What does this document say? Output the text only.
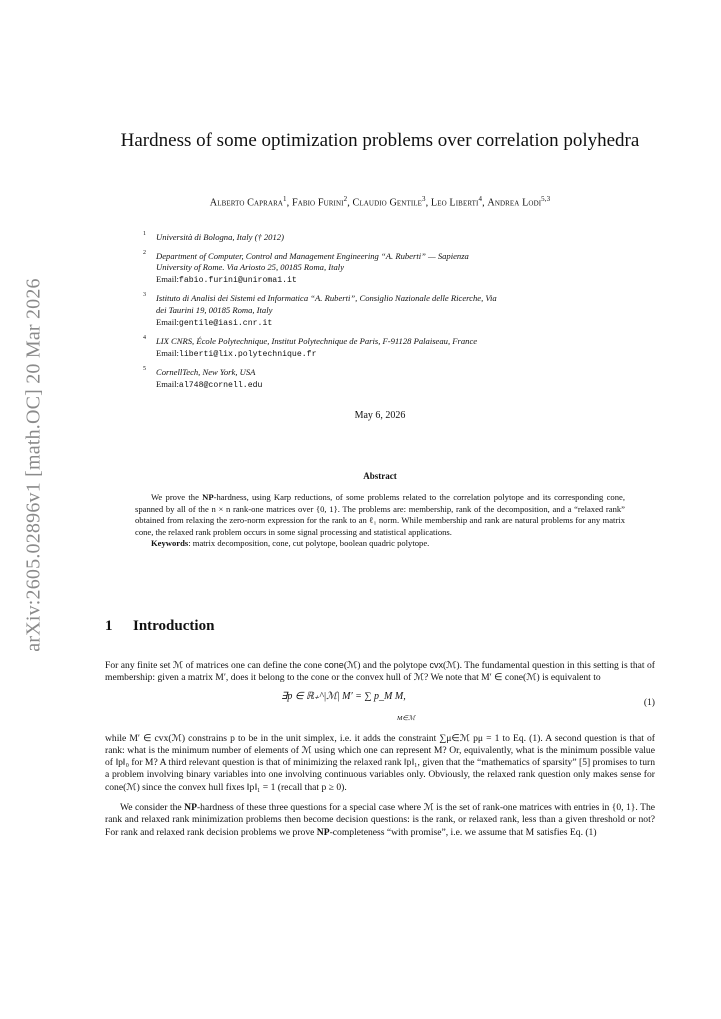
arXiv:2605.02896v1 [math.OC] 20 Mar 2026
Hardness of some optimization problems over correlation polyhedra
Alberto Caprara$^1$, Fabio Furini$^2$, Claudio Gentile$^3$, Leo Liberti$^4$, Andrea Lodi$^{5,3}$
1 Università di Bologna, Italy († 2012)
2 Department of Computer, Control and Management Engineering “A. Ruberti” — Sapienza
University of Rome. Via Ariosto 25, 00185 Roma, Italy
Email:fabio.furini@uniroma1.it
3 Istituto di Analisi dei Sistemi ed Informatica “A. Ruberti”, Consiglio Nazionale delle Ricerche, Via
dei Taurini 19, 00185 Roma, Italy
Email:gentile@iasi.cnr.it
4 LIX CNRS, École Polytechnique, Institut Polytechnique de Paris, F-91128 Palaiseau, France
Email:liberti@lix.polytechnique.fr
5 CornellTech, New York, USA
Email:al748@cornell.edu
May 6, 2026
Abstract

We prove the NP-hardness, using Karp reductions, of some problems related to the correlation polytope and its corresponding cone, spanned by all of the n × n rank-one matrices over {0, 1}. The problems are: membership, rank of the decomposition, and a “relaxed rank” obtained from relaxing the zero-norm expression for the rank to an ℓ₁ norm. While membership and rank are natural problems for any matrix cone, the relaxed rank problem occurs in some signal processing and statistical applications.

Keywords: matrix decomposition, cone, cut polytope, boolean quadric polytope.

1 Introduction

For any finite set ℳ of matrices one can define the cone cone(ℳ) and the polytope cvx(ℳ). The fundamental question in this setting is that of membership: given a matrix M′, does it belong to the cone or the convex hull of ℳ? We note that M′ ∈ cone(ℳ) is equivalent to

∃p ∈ ℝ₊^|ℳ| M′ = ∑ p_M M,
M∈ℳ
(1)

while M′ ∈ cvx(ℳ) constrains p to be in the unit simplex, i.e. it adds the constraint ∑μ∈ℳ pμ = 1 to Eq. (1). A second question is that of rank: what is the minimum number of elements of ℳ using which one can represent M? Or, equivalently, what is the minimum possible value of ‖p‖₀ for M? A third relevant question is that of minimizing the relaxed rank ‖p‖₁, given that the “mathematics of sparsity” [5] promises to turn a problem involving binary variables into one involving continuous variables only. Obviously, the relaxed rank question only makes sense for cone(ℳ) since the convex hull fixes ‖p‖₁ = 1 (recall that p ≥ 0).

We consider the NP-hardness of these three questions for a special case where ℳ is the set of rank-one matrices with entries in {0, 1}. The rank and relaxed rank minimization problems then become decision questions: is the rank, or relaxed rank, less than a given threshold or not? For rank and relaxed rank decision problems we prove NP-completeness “with promise”, i.e. we assume that M satisfies Eq. (1)
